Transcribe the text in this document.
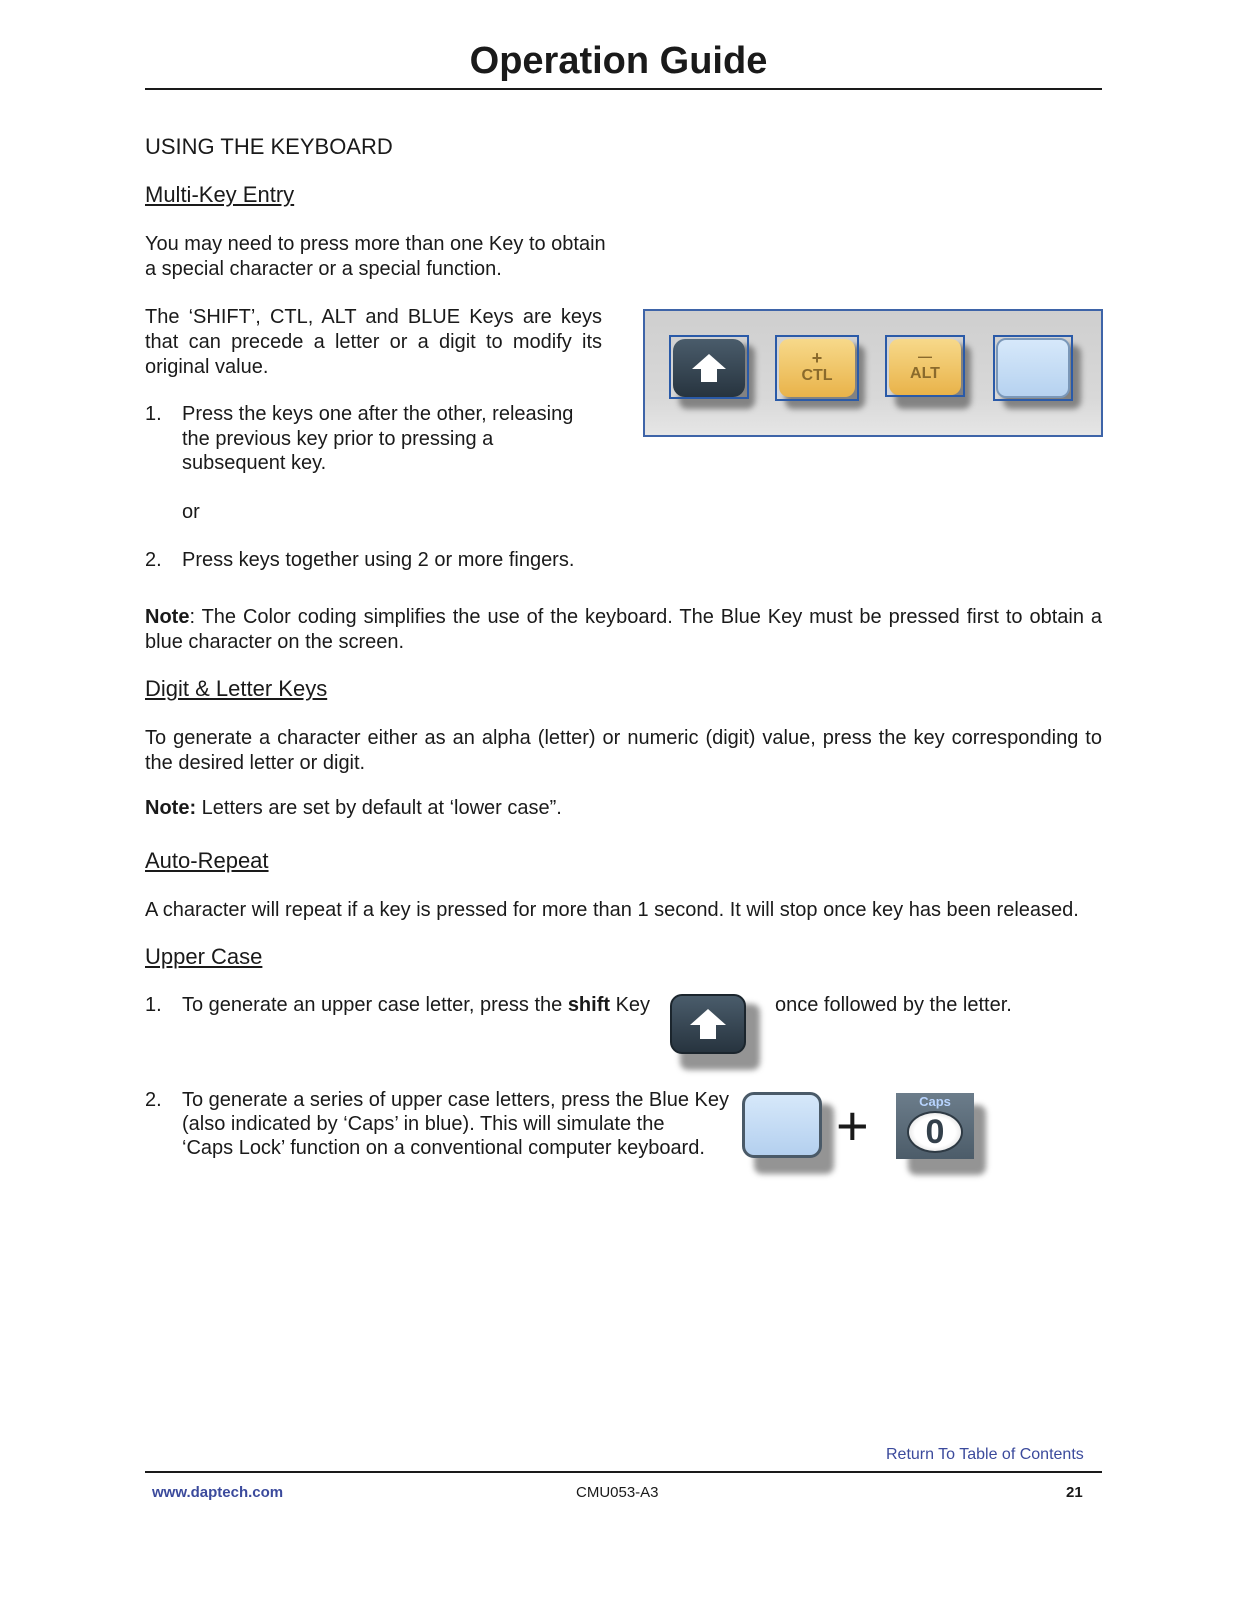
Operation Guide

USING THE KEYBOARD

Multi-Key Entry

You may need to press more than one Key to obtain

a special character or a special function.

The ‘SHIFT’, CTL, ALT and BLUE Keys are keys that can precede a letter or a digit to modify its original value.

1. Press the keys one after the other, releasing

the previous key prior to pressing a

subsequent key.

or

2. Press keys together using 2 or more fingers.

+
CTL
—
ALT

Note: The Color coding simplifies the use of the keyboard. The Blue Key must be pressed first to obtain a blue character on the screen.

Digit & Letter Keys

To generate a character either as an alpha (letter) or numeric (digit) value, press the key corresponding to the desired letter or digit.

Note: Letters are set by default at ‘lower case”.

Auto-Repeat

A character will repeat if a key is pressed for more than 1 second. It will stop once key has been released.

Upper Case

1. To generate an upper case letter, press the shift Key	once followed by the letter.

2. To generate a series of upper case letters, press the Blue Key

(also indicated by ‘Caps’ in blue). This will simulate the

‘Caps Lock’ function on a conventional computer keyboard. +	Caps
0
Return To Table of Contents
www.daptech.com	CMU053-A3	21
